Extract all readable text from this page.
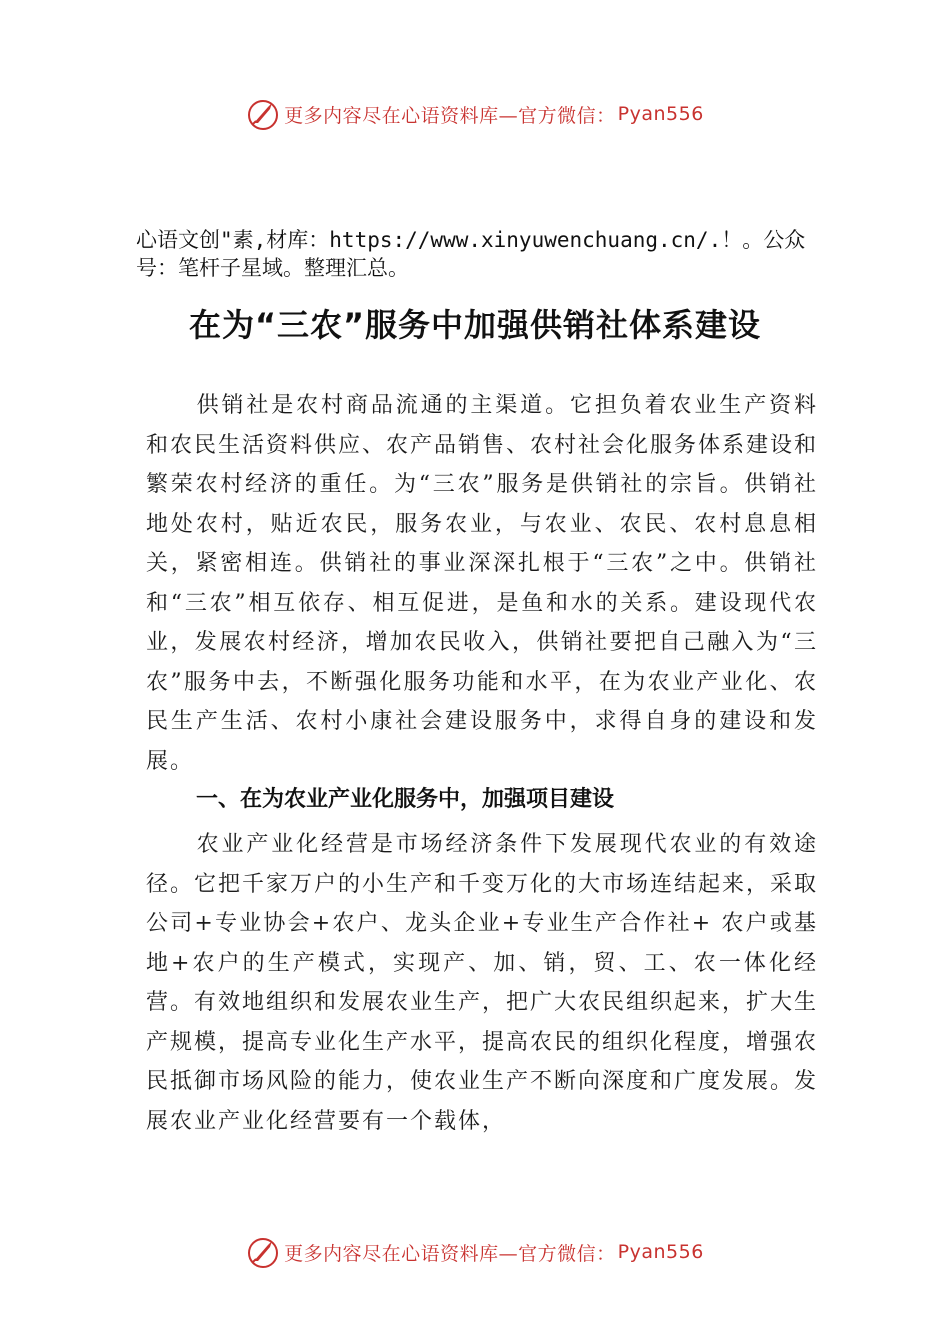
更多内容尽在心语资料库—官方微信： Pyan556
心语文创"素,材库：https://www.xinyuwenchuang.cn/.！。公众号：笔杆子星域。整理汇总。
在为“三农”服务中加强供销社体系建设
供销社是农村商品流通的主渠道。它担负着农业生产资料和农民生活资料供应、农产品销售、农村社会化服务体系建设和繁荣农村经济的重任。为“三农”服务是供销社的宗旨。供销社地处农村，贴近农民，服务农业，与农业、农民、农村息息相关，紧密相连。供销社的事业深深扎根于“三农”之中。供销社和“三农”相互依存、相互促进，是鱼和水的关系。建设现代农业，发展农村经济，增加农民收入，供销社要把自己融入为“三农”服务中去，不断强化服务功能和水平，在为农业产业化、农民生产生活、农村小康社会建设服务中，求得自身的建设和发展。
一、在为农业产业化服务中，加强项目建设
农业产业化经营是市场经济条件下发展现代农业的有效途径。它把千家万户的小生产和千变万化的大市场连结起来，采取公司+专业协会+农户、龙头企业+专业生产合作社+ 农户或基地+农户的生产模式，实现产、加、销，贸、工、农一体化经营。有效地组织和发展农业生产，把广大农民组织起来，扩大生产规模，提高专业化生产水平，提高农民的组织化程度，增强农民抵御市场风险的能力，使农业生产不断向深度和广度发展。发展农业产业化经营要有一个载体，
更多内容尽在心语资料库—官方微信： Pyan556
